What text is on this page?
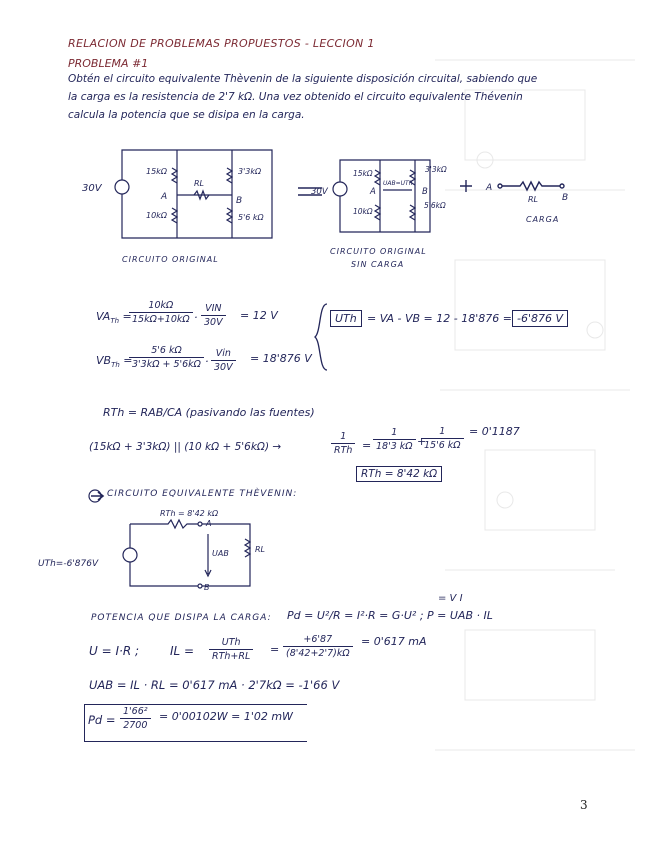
RELACION DE PROBLEMAS PROPUESTOS - LECCION 1
PROBLEMA #1
Obtén el circuito equivalente Thèvenin de la siguiente disposición circuital, sabiendo que
la carga es la resistencia de 2'7 kΩ. Una vez obtenido el circuito equivalente Thévenin
calcula la potencia que se disipa en la carga.
30V
15kΩ	3'3kΩ
10kΩ	5'6 kΩ
RL
A	B
CIRCUITO ORIGINAL
30V
15kΩ	3'3kΩ
10kΩ
5'6kΩ
UAB=UTh
A	B
CIRCUITO ORIGINAL
SIN CARGA
A
B
RL
CARGA
$VA_{Th}$ =
$\frac{10k\Omega}{15k\Omega+10k\Omega}$ ·
VIN
30V
= 12 V
$VB_{Th}$ =
$\frac{5'6 k\Omega}{3'3k\Omega + 5'6k\Omega}$ ·
Vin
30V
= 18'876 V
UTh = VA - VB = 12 - 18'876 = -6'876 V
RTh = RAB/CA (pasivando las fuentes)
(15kΩ + 3'3kΩ) || (10 kΩ + 5'6kΩ) →
1
RTh = $\frac{1}{18'3 k\Omega}$ +
$\frac{1}{15'6 k\Omega} = 0'1187$
RTh = 8'42 kΩ
CIRCUITO EQUIVALENTE THÈVENIN:
RTh = 8'42 kΩ
UTh=-6'876V
UAB	RL
A
B
POTENCIA QUE DISIPA LA CARGA: Pd = U²/R = I²·R = G·U² ; P = UAB · IL
= V I
U = I·R ;	IL =
UTh
RTh+RL
= $\frac{+6'87}{(8'42+2'7)k\Omega} = 0'617$ mA
UAB = IL · RL = 0'617 mA · 2'7kΩ = -1'66 V
$Pd = \frac{\text{1'66²}}{2700} = 0'00102W = 1'02$ mW
3
